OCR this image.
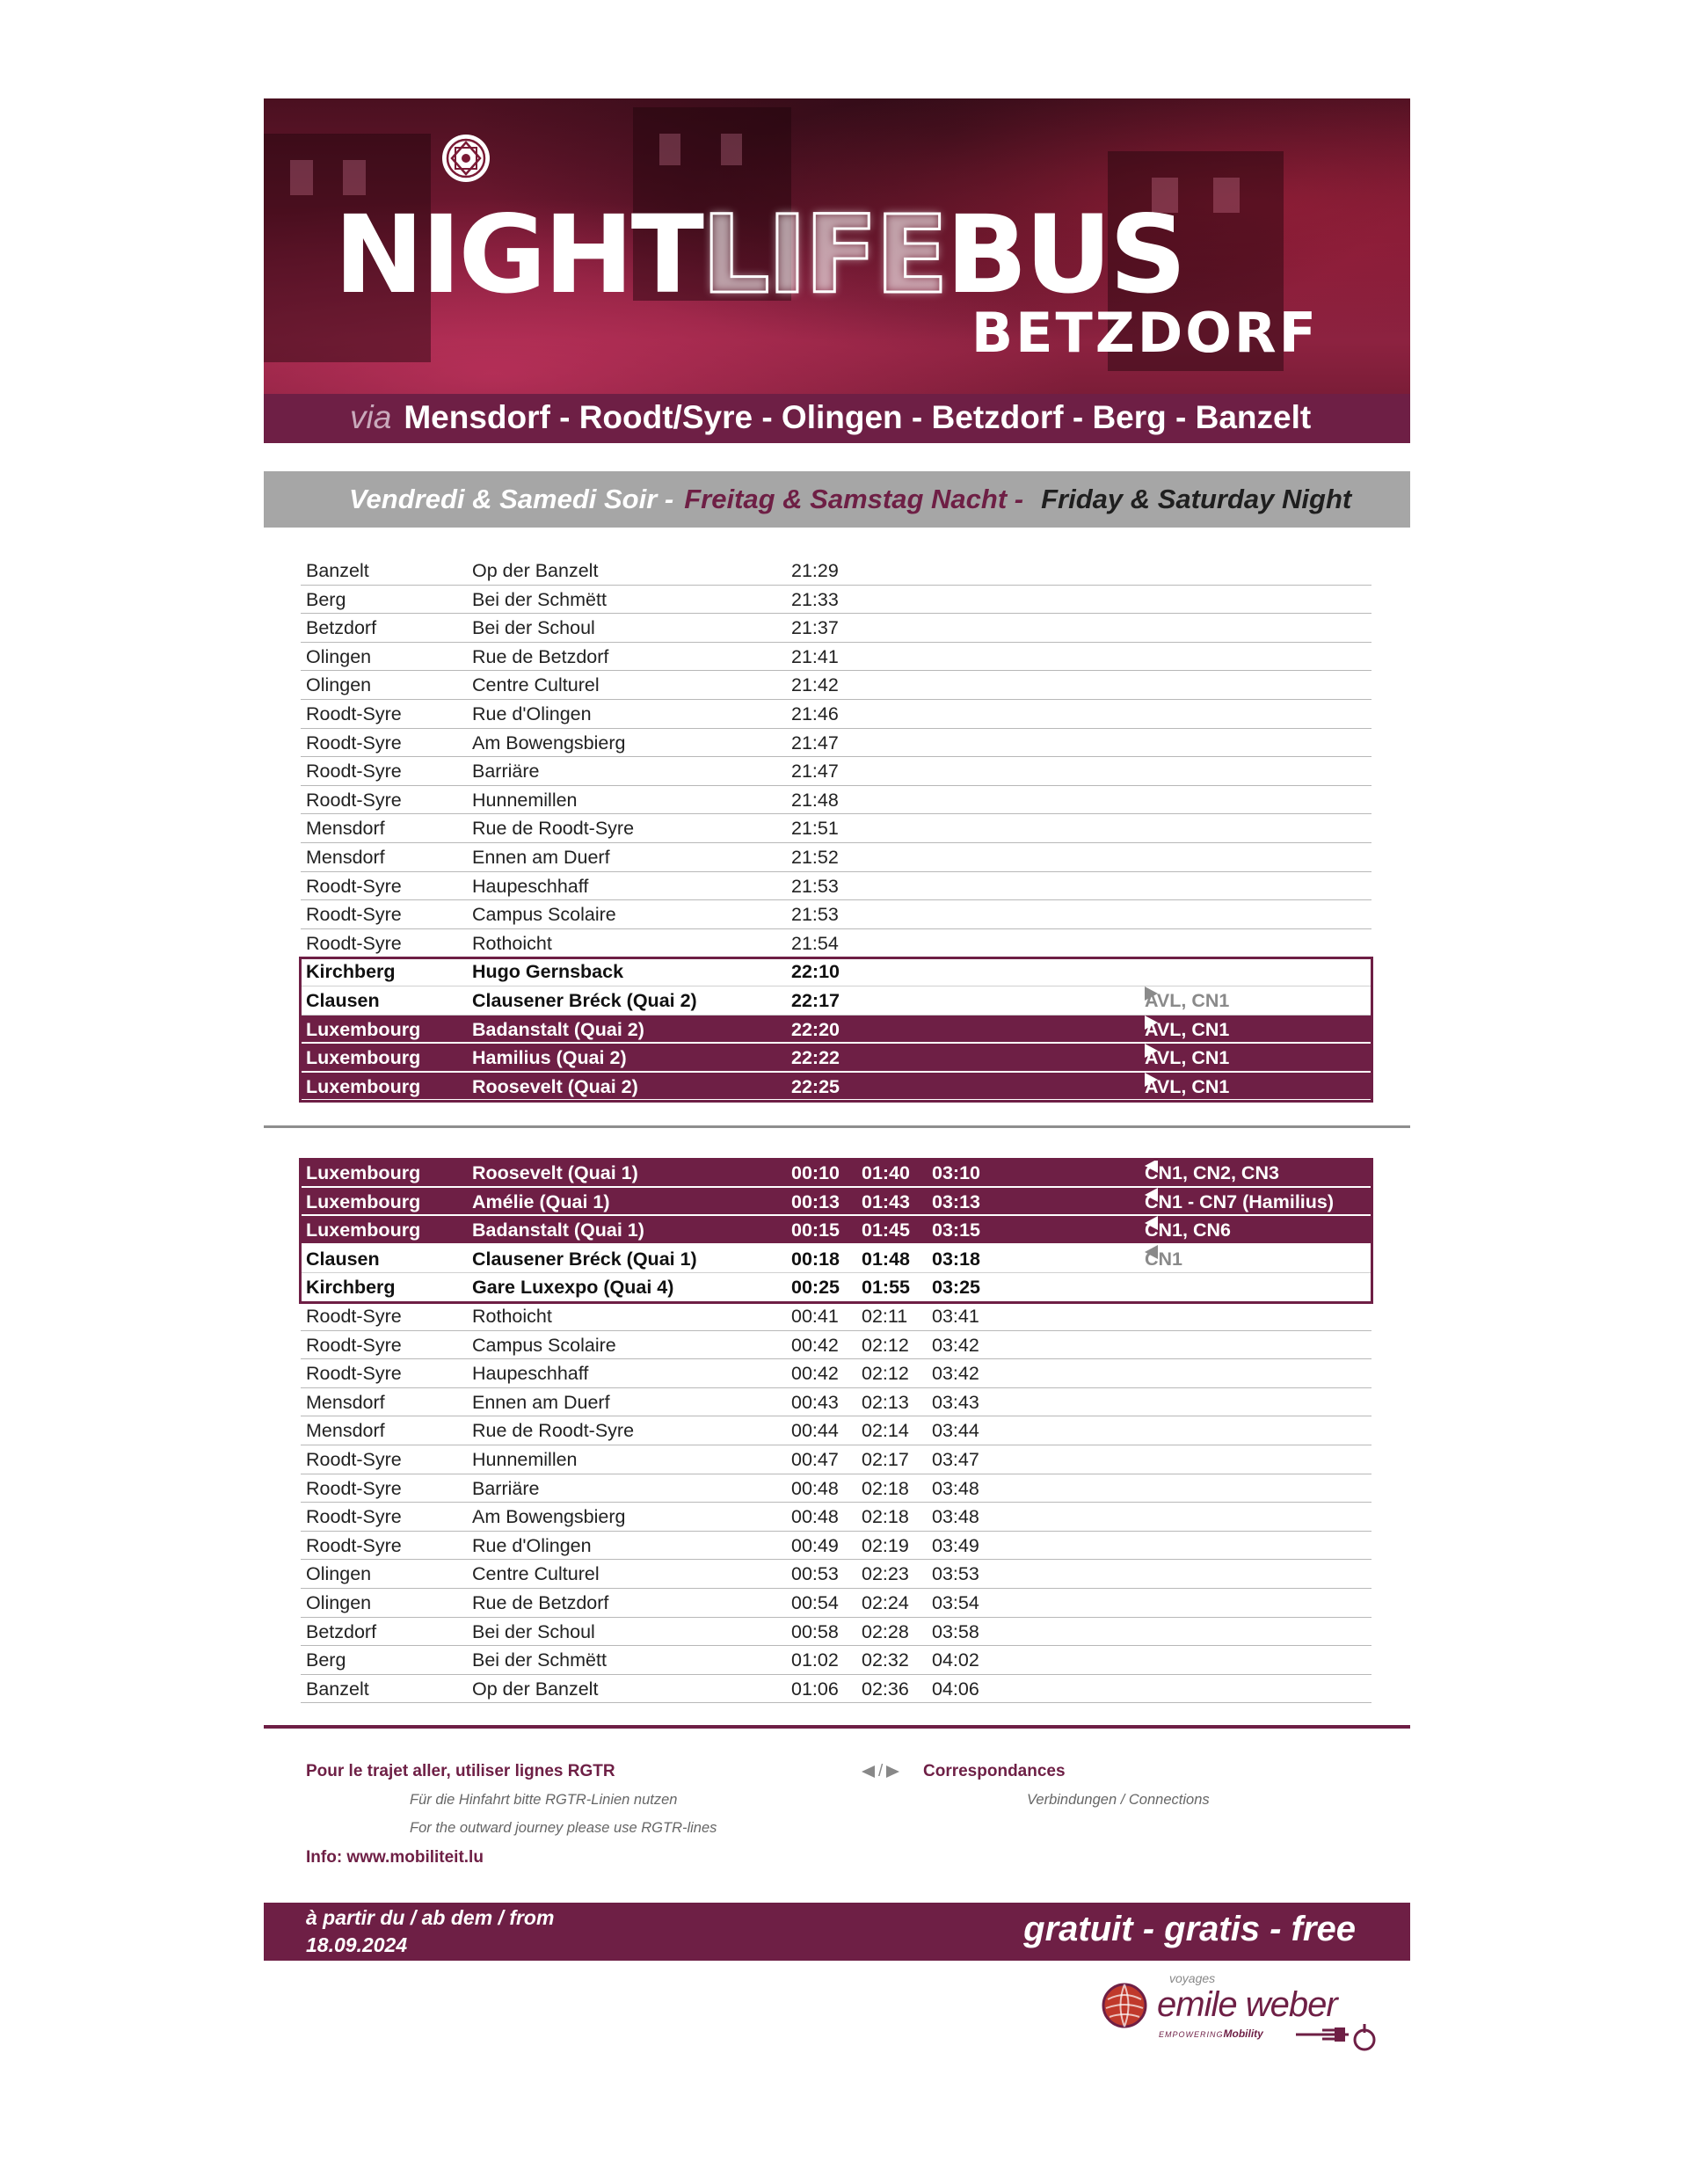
NIGHTLIFEBUS
BETZDORF
via Mensdorf - Roodt/Syre - Olingen - Betzdorf - Berg - Banzelt
Vendredi & Samedi Soir - Freitag & Samstag Nacht - Friday & Saturday Night
Banzelt	Op der Banzelt	21:29
Berg	Bei der Schmëtt	21:33
Betzdorf	Bei der Schoul	21:37
Olingen	Rue de Betzdorf	21:41
Olingen	Centre Culturel	21:42
Roodt-Syre	Rue d'Olingen	21:46
Roodt-Syre	Am Bowengsbierg	21:47
Roodt-Syre	Barriäre	21:47
Roodt-Syre	Hunnemillen	21:48
Mensdorf	Rue de Roodt-Syre	21:51
Mensdorf	Ennen am Duerf	21:52
Roodt-Syre	Haupeschhaff	21:53
Roodt-Syre	Campus Scolaire	21:53
Roodt-Syre	Rothoicht	21:54
Kirchberg	Hugo Gernsback	22:10
Clausen	Clausener Bréck (Quai 2)	22:17	AVL, CN1
Luxembourg	Badanstalt (Quai 2)	22:20	AVL, CN1
Luxembourg	Hamilius (Quai 2)	22:22	AVL, CN1
Luxembourg	Roosevelt (Quai 2)	22:25	AVL, CN1
Luxembourg	Roosevelt (Quai 1)	00:10 01:40 03:10	CN1, CN2, CN3
Luxembourg	Amélie (Quai 1)	00:13 01:43 03:13	CN1 - CN7 (Hamilius)
Luxembourg	Badanstalt (Quai 1)	00:15 01:45 03:15	CN1, CN6
Clausen	Clausener Bréck (Quai 1)	00:18 01:48 03:18	CN1
Kirchberg	Gare Luxexpo (Quai 4)	00:25 01:55 03:25
Roodt-Syre	Rothoicht	00:41 02:11 03:41
Roodt-Syre	Campus Scolaire	00:42 02:12 03:42
Roodt-Syre	Haupeschhaff	00:42 02:12 03:42
Mensdorf	Ennen am Duerf	00:43 02:13 03:43
Mensdorf	Rue de Roodt-Syre	00:44 02:14 03:44
Roodt-Syre	Hunnemillen	00:47 02:17 03:47
Roodt-Syre	Barriäre	00:48 02:18 03:48
Roodt-Syre	Am Bowengsbierg	00:48 02:18 03:48
Roodt-Syre	Rue d'Olingen	00:49 02:19 03:49
Olingen	Centre Culturel	00:53 02:23 03:53
Olingen	Rue de Betzdorf	00:54 02:24 03:54
Betzdorf	Bei der Schoul	00:58 02:28 03:58
Berg	Bei der Schmëtt	01:02 02:32 04:02
Banzelt	Op der Banzelt	01:06 02:36 04:06
Pour le trajet aller, utiliser lignes RGTR
Für die Hinfahrt bitte RGTR-Linien nutzen
For the outward journey please use RGTR-lines
Info: www.mobiliteit.lu
/	Correspondances
Verbindungen / Connections
à partir du / ab dem / from
18.09.2024	gratuit - gratis - free
voyages
emile weber
EMPOWERINGMobility
